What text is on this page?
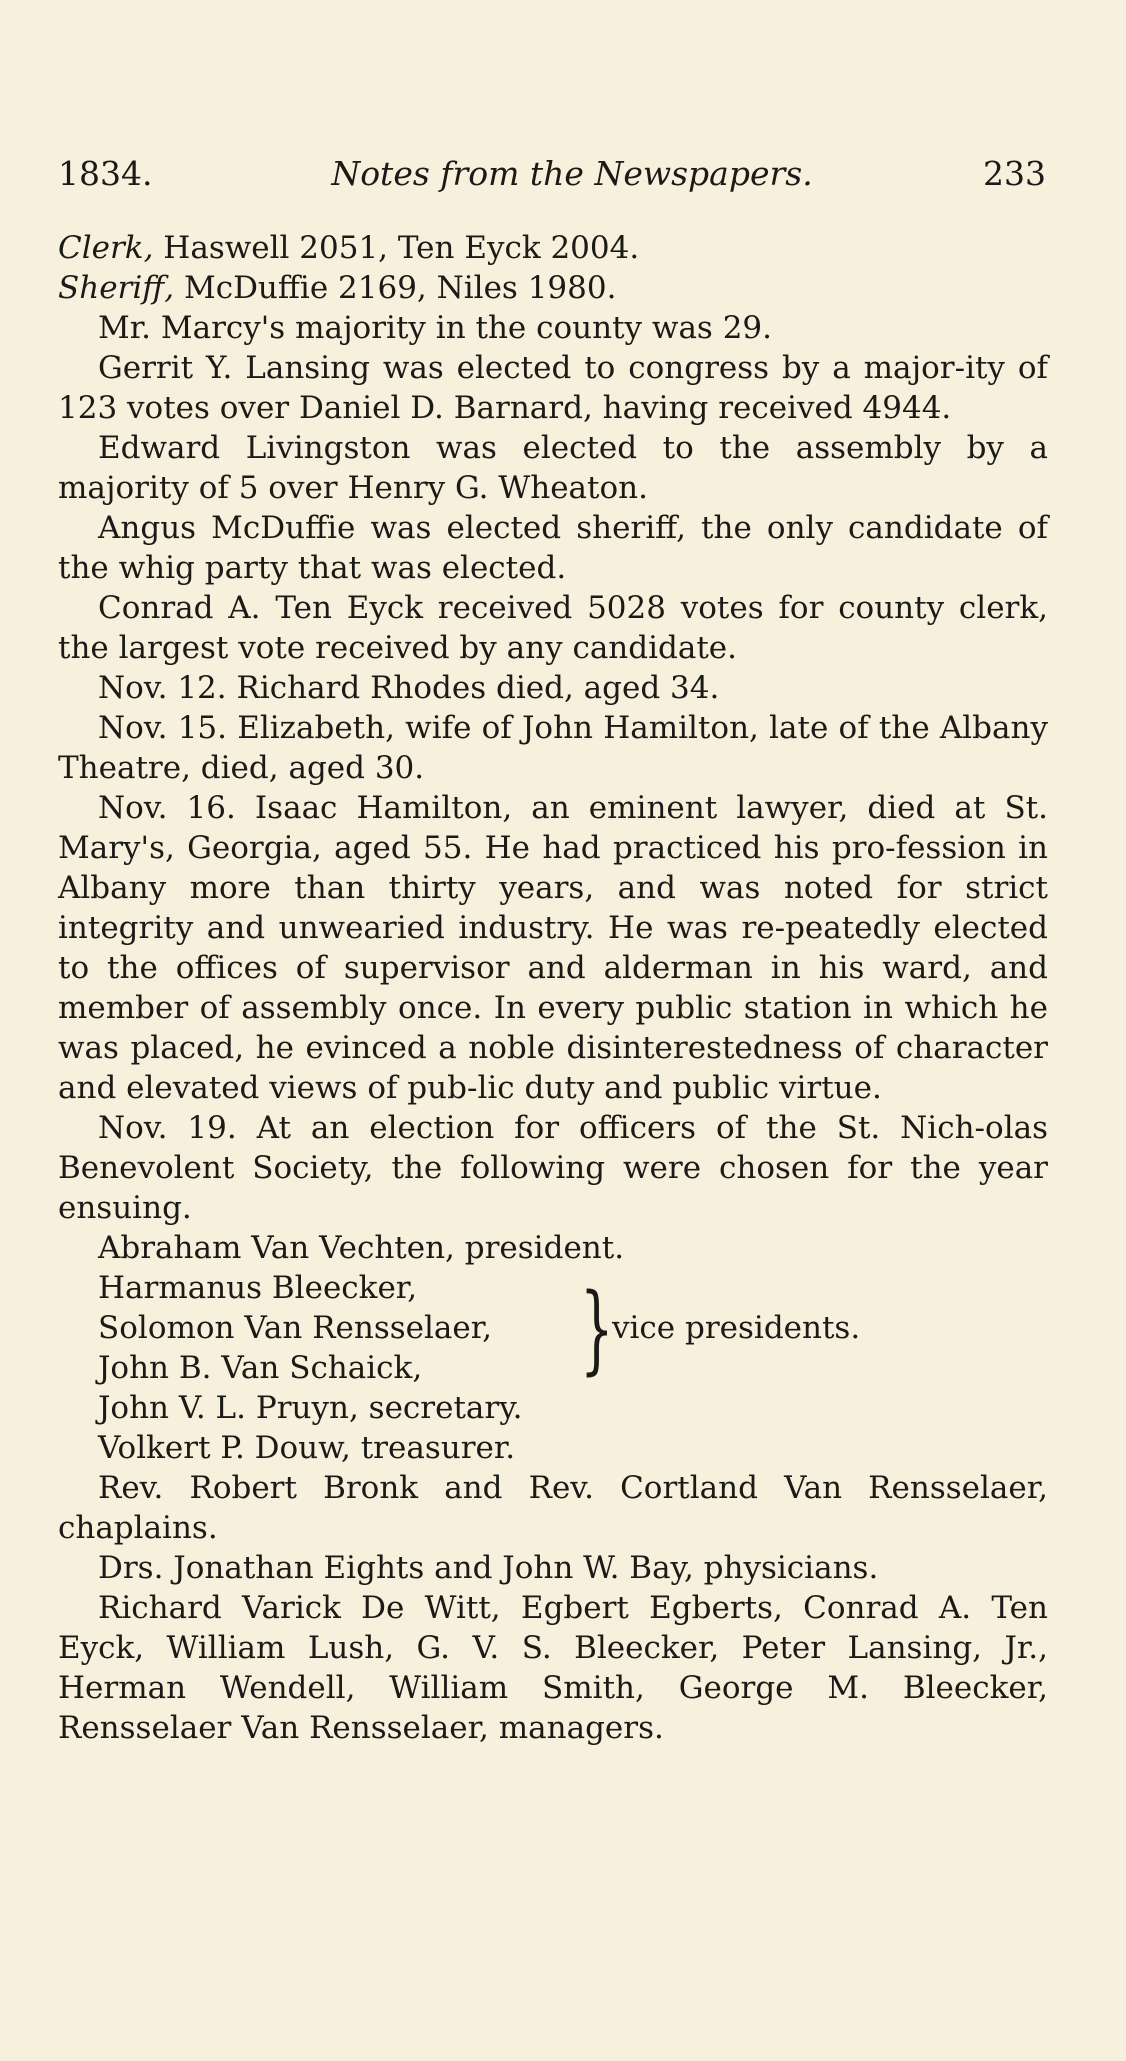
1834.	Notes from the Newspapers.	233

Clerk, Haswell 2051, Ten Eyck 2004.

Sheriff, McDuffie 2169, Niles 1980.

Mr. Marcy's majority in the county was 29.

Gerrit Y. Lansing was elected to congress by a major-ity of 123 votes over Daniel D. Barnard, having received 4944.

Edward Livingston was elected to the assembly by a majority of 5 over Henry G. Wheaton.

Angus McDuffie was elected sheriff, the only candidate of the whig party that was elected.

Conrad A. Ten Eyck received 5028 votes for county clerk, the largest vote received by any candidate.

Nov. 12. Richard Rhodes died, aged 34.

Nov. 15. Elizabeth, wife of John Hamilton, late of the Albany Theatre, died, aged 30.

Nov. 16. Isaac Hamilton, an eminent lawyer, died at St. Mary's, Georgia, aged 55. He had practiced his pro-fession in Albany more than thirty years, and was noted for strict integrity and unwearied industry. He was re-peatedly elected to the offices of supervisor and alderman in his ward, and member of assembly once. In every public station in which he was placed, he evinced a noble disinterestedness of character and elevated views of pub-lic duty and public virtue.

Nov. 19. At an election for officers of the St. Nich-olas Benevolent Society, the following were chosen for the year ensuing.

Abraham Van Vechten, president.

Harmanus Bleecker,
Solomon Van Rensselaer,
John B. Van Schaick,	}
vice presidents.

John V. L. Pruyn, secretary.

Volkert P. Douw, treasurer.

Rev. Robert Bronk and Rev. Cortland Van Rensselaer, chaplains.

Drs. Jonathan Eights and John W. Bay, physicians.

Richard Varick De Witt, Egbert Egberts, Conrad A. Ten Eyck, William Lush, G. V. S. Bleecker, Peter Lansing, Jr., Herman Wendell, William Smith, George M. Bleecker, Rensselaer Van Rensselaer, managers.
